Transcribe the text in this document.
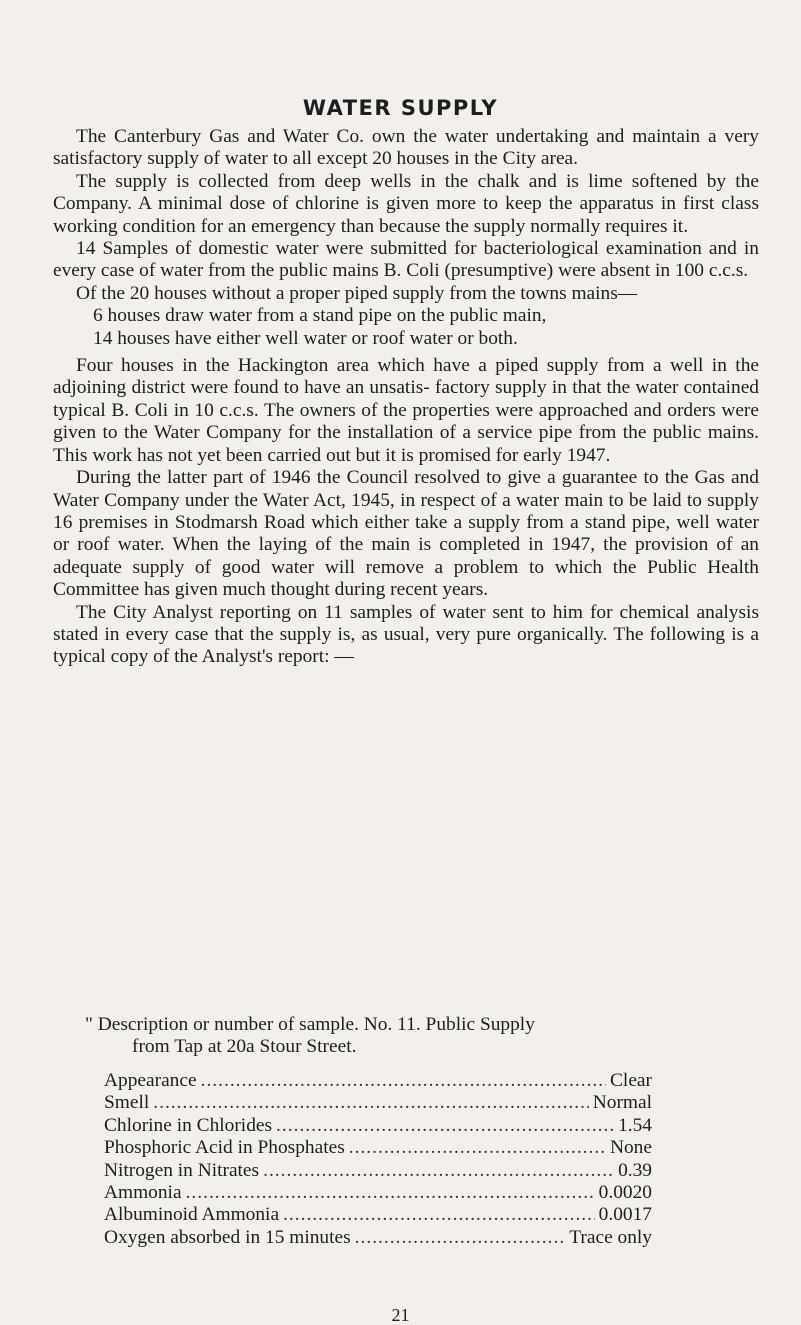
WATER SUPPLY

The Canterbury Gas and Water Co. own the water undertaking and maintain a very satisfactory supply of water to all except 20 houses in the City area.

The supply is collected from deep wells in the chalk and is lime softened by the Company. A minimal dose of chlorine is given more to keep the apparatus in first class working condition for an emergency than because the supply normally requires it.

14 Samples of domestic water were submitted for bacteriological examination and in every case of water from the public mains B. Coli (presumptive) were absent in 100 c.c.s.

Of the 20 houses without a proper piped supply from the towns mains—

6 houses draw water from a stand pipe on the public main,

14 houses have either well water or roof water or both.

Four houses in the Hackington area which have a piped supply from a well in the adjoining district were found to have an unsatis- factory supply in that the water contained typical B. Coli in 10 c.c.s. The owners of the properties were approached and orders were given to the Water Company for the installation of a service pipe from the public mains. This work has not yet been carried out but it is promised for early 1947.

During the latter part of 1946 the Council resolved to give a guarantee to the Gas and Water Company under the Water Act, 1945, in respect of a water main to be laid to supply 16 premises in Stodmarsh Road which either take a supply from a stand pipe, well water or roof water. When the laying of the main is completed in 1947, the provision of an adequate supply of good water will remove a problem to which the Public Health Committee has given much thought during recent years.

The City Analyst reporting on 11 samples of water sent to him for chemical analysis stated in every case that the supply is, as usual, very pure organically. The following is a typical copy of the Analyst's report: —

" Description or number of sample. No. 11. Public Supply

from Tap at 20a Stour Street.

Appearance .....	Clear
Smell .....	Normal
Chlorine in Chlorides .....	1.54
Phosphoric Acid in Phosphates .....	None
Nitrogen in Nitrates .....	0.39
Ammonia .....	0.0020
Albuminoid Ammonia .....	0.0017
Oxygen absorbed in 15 minutes .....	Trace only
21
